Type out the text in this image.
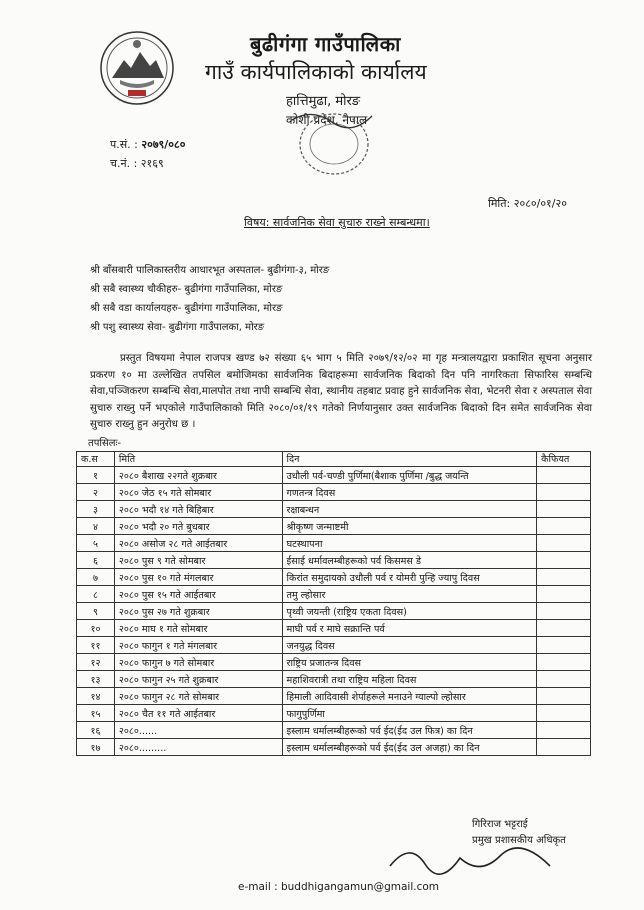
बुढीगंगा गाउँपालिका
गाउँ कार्यपालिकाको कार्यालय
हात्तिमुढा, मोरङ
कोशी प्रदेश, नेपाल
प.सं. : २०७९/०८०
च.नं. : २१६९
मिति: २०८०/०१/२०
विषय: सार्वजनिक सेवा सुचारु राख्ने सम्बन्धमा।
श्री बाँसबारी पालिकास्तरीय आधारभूत अस्पताल- बुढीगंगा-३, मोरङ
श्री सबै स्वास्थ्य चौकीहरु- बुढीगंगा गाउँपालिका, मोरङ
श्री सबै वडा कार्यालयहरु- बुढीगंगा गाउँपालिका, मोरङ
श्री पशु स्वास्थ्य सेवा- बुढीगंगा गाउँपालका, मोरङ
प्रस्तुत विषयमा नेपाल राजपत्र खण्ड ७२ संख्या ६५ भाग ५ मिति २०७९/१२/०२ मा गृह मन्त्रालयद्वारा प्रकाशित सूचना अनुसार प्रकरण १० मा उल्लेखित तपसिल बमोजिमका सार्वजनिक बिदाहरूमा सार्वजनिक बिदाको दिन पनि नागरिकता सिफारिस सम्बन्धि सेवा,पञ्जिकरण सम्बन्धि सेवा,मालपोत तथा नापी सम्बन्धि सेवा, स्थानीय तहबाट प्रवाह हुने सार्वजनिक सेवा, भेटनरी सेवा र अस्पताल सेवा सुचारु राख्नु पर्ने भएकोले गाउँपालिकाको मिति २०८०/०१/१९ गतेको निर्णयानुसार उक्त सार्वजनिक बिदाको दिन समेत सार्वजनिक सेवा सुचारु राख्नु हुन अनुरोध छ ।
तपसिलः-
क.स	मिति	दिन	कैफियत
१	२०८० बैशाख २२गते शुक्रबार	उधौली पर्व-चण्डी पुर्णिमा(बैशाक पुर्णिमा /बुद्ध जयन्ति	
२	२०८० जेठ १५ गते सोमबार	गणतन्त्र दिवस	
३	२०८० भदौ १४ गते बिहिबार	रक्षाबन्धन	
४	२०८० भदौ २० गते बुधबार	श्रीकृष्ण जन्माष्टमी	
५	२०८० असोज २८ गते आईतबार	घटस्थापना	
६	२०८० पुस ९ गते सोमबार	ईसाई धर्मावलम्बीहरूको पर्व किसमस डे	
७	२०८० पुस १० गते मंगलबार	किरांत समुदायको उधौली पर्व र योमरी पुन्हि ज्यापु दिवस	
८	२०८० पुस १५ गते आईतबार	तमु ल्होसार	
९	२०८० पुस २७ गते शुक्रबार	पृथ्वी जयन्ती (राष्ट्रिय एकता दिवस)	
१०	२०८० माघ १ गते सोमबार	माघी पर्व र माघे सक्रान्ति पर्व	
११	२०८० फागुन १ गते मंगलबार	जनयुद्ध दिवस	
१२	२०८० फागुन ७ गते सोमबार	राष्ट्रिय प्रजातन्त्र दिवस	
१३	२०८० फागुन २५ गते शुक्रबार	महाशिवरात्री तथा राष्ट्रिय महिला दिवस	
१४	२०८० फागुन २८ गते सोमबार	हिमाली आदिवासी शेर्पाहरूले मनाउने ग्याल्पो ल्होसार	
१५	२०८० चैत ११ गते आईतबार	फागुपुर्णिमा	
१६	२०८०......	इस्लाम धर्मालम्बीहरूको पर्व ईद(ईद उल फित्र) का दिन	
१७	२०८०.........	इस्लाम धर्मालम्बीहरूको पर्व ईद(ईद उल अजहा) का दिन	
गिरिराज भट्टराई
प्रमुख प्रशासकीय अधिकृत
e-mail : buddhigangamun@gmail.com
